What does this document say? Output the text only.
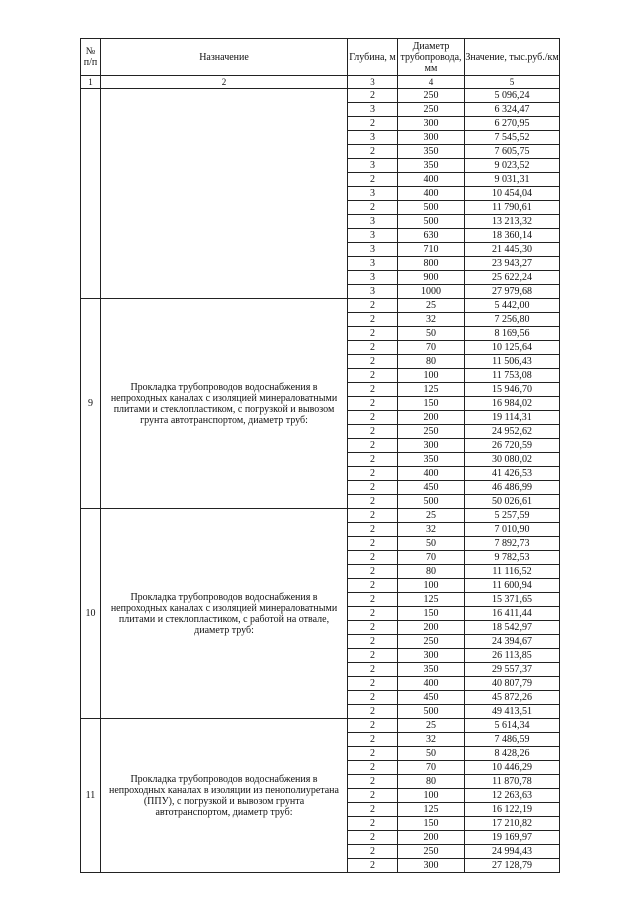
№ п/п	Назначение	Глубина, м	Диаметр трубопровода, мм	Значение, тыс.руб./км
1	2	3	4	5
		2	250	5 096,24
		3	250	6 324,47
		2	300	6 270,95
		3	300	7 545,52
		2	350	7 605,75
		3	350	9 023,52
		2	400	9 031,31
		3	400	10 454,04
		2	500	11 790,61
		3	500	13 213,32
		3	630	18 360,14
		3	710	21 445,30
		3	800	23 943,27
		3	900	25 622,24
		3	1000	27 979,68
9	Прокладка трубопроводов водоснабжения в непроходных каналах с изоляцией минераловатными плитами и стеклопластиком, с погрузкой и вывозом грунта автотранспортом, диаметр труб:	2	25	5 442,00
		2	32	7 256,80
		2	50	8 169,56
		2	70	10 125,64
		2	80	11 506,43
		2	100	11 753,08
		2	125	15 946,70
		2	150	16 984,02
		2	200	19 114,31
		2	250	24 952,62
		2	300	26 720,59
		2	350	30 080,02
		2	400	41 426,53
		2	450	46 486,99
		2	500	50 026,61
10	Прокладка трубопроводов водоснабжения в непроходных каналах с изоляцией минераловатными плитами и стеклопластиком, с работой на отвале, диаметр труб:	2	25	5 257,59
		2	32	7 010,90
		2	50	7 892,73
		2	70	9 782,53
		2	80	11 116,52
		2	100	11 600,94
		2	125	15 371,65
		2	150	16 411,44
		2	200	18 542,97
		2	250	24 394,67
		2	300	26 113,85
		2	350	29 557,37
		2	400	40 807,79
		2	450	45 872,26
		2	500	49 413,51
11	Прокладка трубопроводов водоснабжения в непроходных каналах в изоляции из пенополиуретана (ППУ), с погрузкой и вывозом грунта автотранспортом, диаметр труб:	2	25	5 614,34
		2	32	7 486,59
		2	50	8 428,26
		2	70	10 446,29
		2	80	11 870,78
		2	100	12 263,63
		2	125	16 122,19
		2	150	17 210,82
		2	200	19 169,97
		2	250	24 994,43
		2	300	27 128,79
